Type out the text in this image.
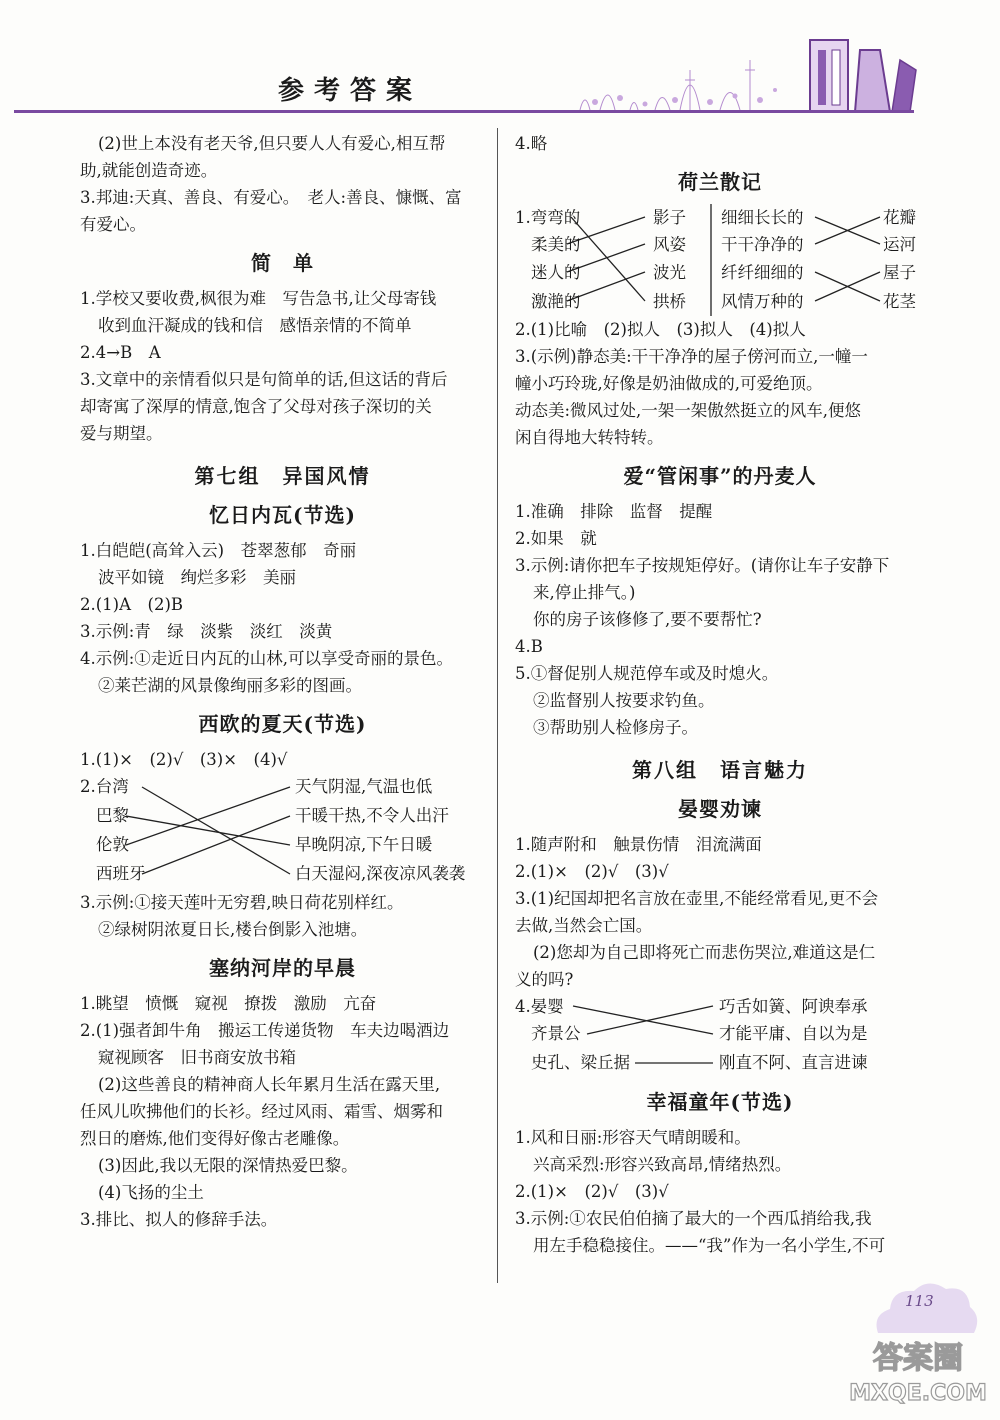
参考答案
(2)世上本没有老天爷,但只要人人有爱心,相互帮
助,就能创造奇迹。
3.邦迪:天真、善良、有爱心。　老人:善良、慷慨、富
有爱心。
简　单
1.学校又要收费,枫很为难　写告急书,让父母寄钱
收到血汗凝成的钱和信　感悟亲情的不简单
2.4→B　A
3.文章中的亲情看似只是句简单的话,但这话的背后
却寄寓了深厚的情意,饱含了父母对孩子深切的关
爱与期望。
第七组　异国风情
忆日内瓦(节选)
1.白皑皑(高耸入云)　苍翠葱郁　奇丽
波平如镜　绚烂多彩　美丽
2.(1)A　(2)B
3.示例:青　绿　淡紫　淡红　淡黄
4.示例:①走近日内瓦的山林,可以享受奇丽的景色。
②莱芒湖的风景像绚丽多彩的图画。
西欧的夏天(节选)
1.(1)×　(2)√　(3)×　(4)√
2.台湾
巴黎
伦敦
西班牙
天气阴湿,气温也低
干暖干热,不令人出汗
早晚阴凉,下午日暖
白天湿闷,深夜凉风袭袭
3.示例:①接天莲叶无穷碧,映日荷花别样红。
②绿树阴浓夏日长,楼台倒影入池塘。
塞纳河岸的早晨
1.眺望　愤慨　窥视　撩拨　激励　亢奋
2.(1)强者卸牛角　搬运工传递货物　车夫边喝酒边
窥视顾客　旧书商安放书箱
(2)这些善良的精神商人长年累月生活在露天里,
任风儿吹拂他们的长衫。经过风雨、霜雪、烟雾和
烈日的磨炼,他们变得好像古老雕像。
(3)因此,我以无限的深情热爱巴黎。
(4)飞扬的尘土
3.排比、拟人的修辞手法。
4.略
荷兰散记
1.弯弯的
柔美的
迷人的
激滟的
影子
风姿
波光
拱桥
细细长长的
干干净净的
纤纤细细的
风情万种的
花瓣
运河
屋子
花茎
2.(1)比喻　(2)拟人　(3)拟人　(4)拟人
3.(示例)静态美:干干净净的屋子傍河而立,一幢一
幢小巧玲珑,好像是奶油做成的,可爱绝顶。
动态美:微风过处,一架一架傲然挺立的风车,便悠
闲自得地大转特转。
爱“管闲事”的丹麦人
1.准确　排除　监督　提醒
2.如果　就
3.示例:请你把车子按规矩停好。(请你让车子安静下
来,停止排气。)
你的房子该修修了,要不要帮忙?
4.B
5.①督促别人规范停车或及时熄火。
②监督别人按要求钓鱼。
③帮助别人检修房子。
第八组　语言魅力
晏婴劝谏
1.随声附和　触景伤情　泪流满面
2.(1)×　(2)√　(3)√
3.(1)纪国却把名言放在壶里,不能经常看见,更不会
去做,当然会亡国。
(2)您却为自己即将死亡而悲伤哭泣,难道这是仁
义的吗?
4.晏婴
齐景公
史孔、梁丘据
巧舌如簧、阿谀奉承
才能平庸、自以为是
刚直不阿、直言进谏
幸福童年(节选)
1.风和日丽:形容天气晴朗暖和。
兴高采烈:形容兴致高昂,情绪热烈。
2.(1)×　(2)√　(3)√
3.示例:①农民伯伯摘了最大的一个西瓜捎给我,我
用左手稳稳接住。——“我”作为一名小学生,不可
113
答案圈
MXQE.COM
